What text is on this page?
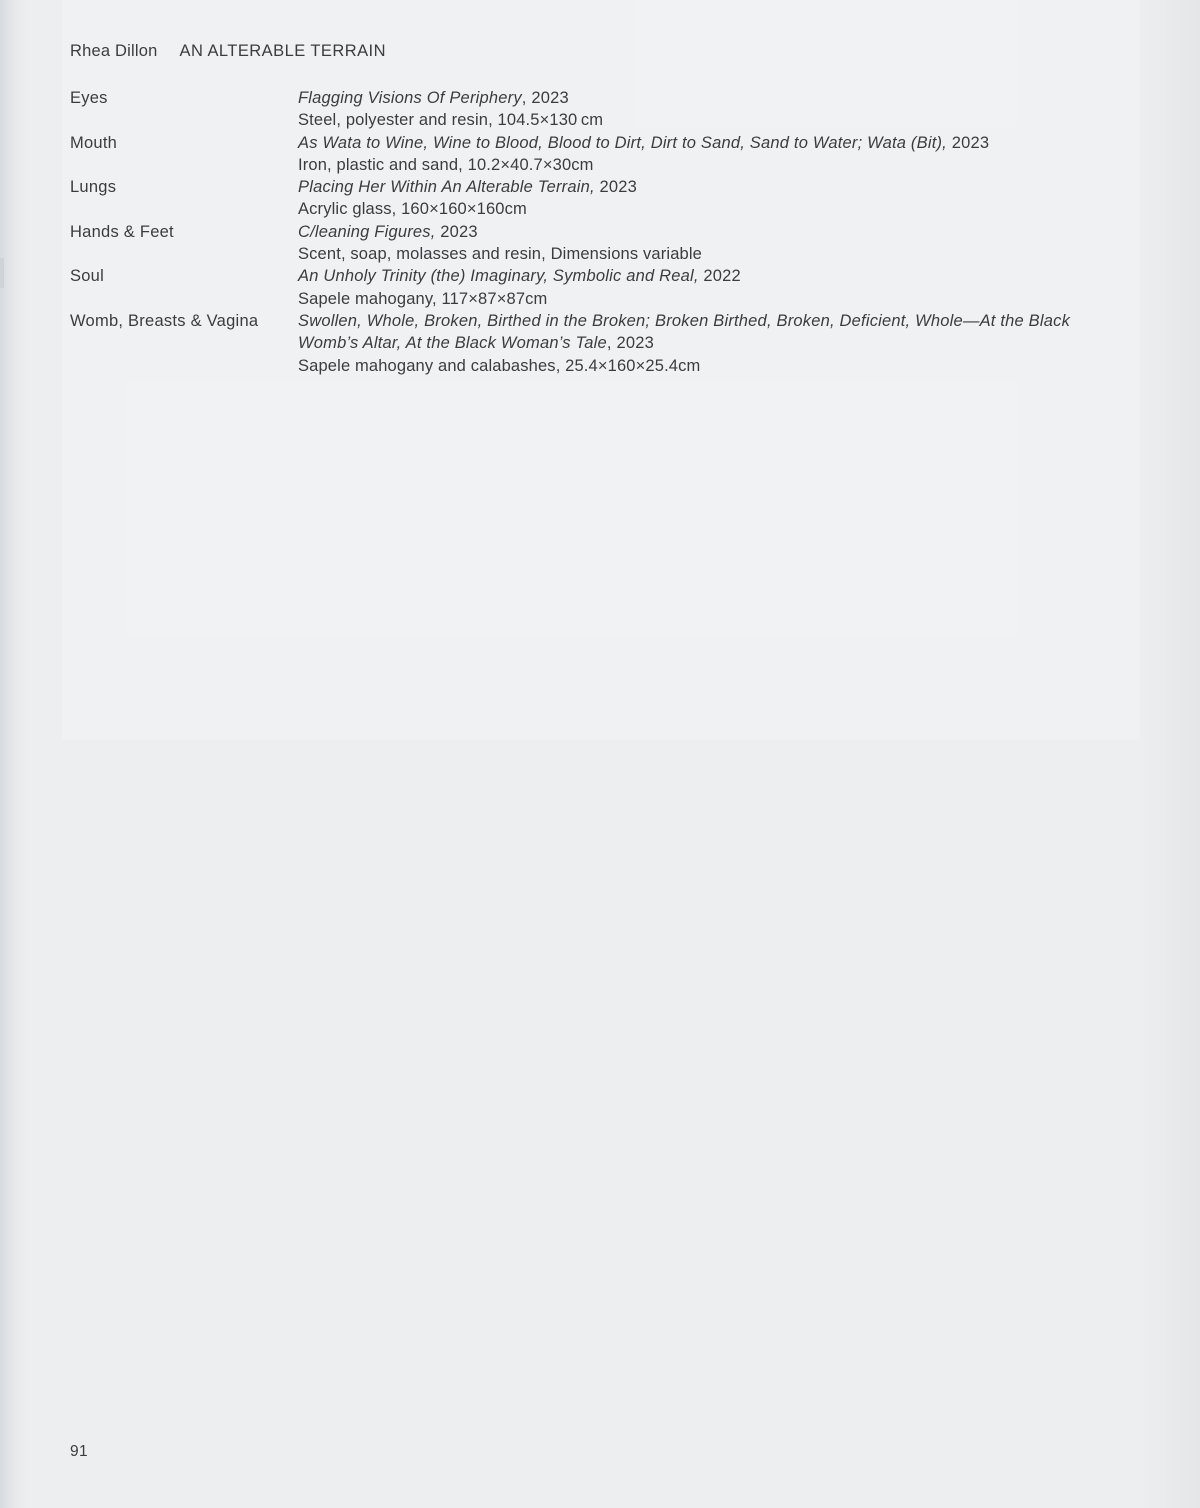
Rhea Dillon AN ALTERABLE TERRAIN
Eyes	Flagging Visions Of Periphery, 2023
Steel, polyester and resin, 104.5×130 cm
Mouth	As Wata to Wine, Wine to Blood, Blood to Dirt, Dirt to Sand, Sand to Water; Wata (Bit), 2023
Iron, plastic and sand, 10.2×40.7×30cm
Lungs	Placing Her Within An Alterable Terrain, 2023
Acrylic glass, 160×160×160cm
Hands & Feet	C/leaning Figures, 2023
Scent, soap, molasses and resin, Dimensions variable
Soul	An Unholy Trinity (the) Imaginary, Symbolic and Real, 2022
Sapele mahogany, 117×87×87cm
Womb, Breasts & Vagina	Swollen, Whole, Broken, Birthed in the Broken; Broken Birthed, Broken, Deficient, Whole—At the Black Womb’s Altar, At the Black Woman’s Tale, 2023
Sapele mahogany and calabashes, 25.4×160×25.4cm
91
